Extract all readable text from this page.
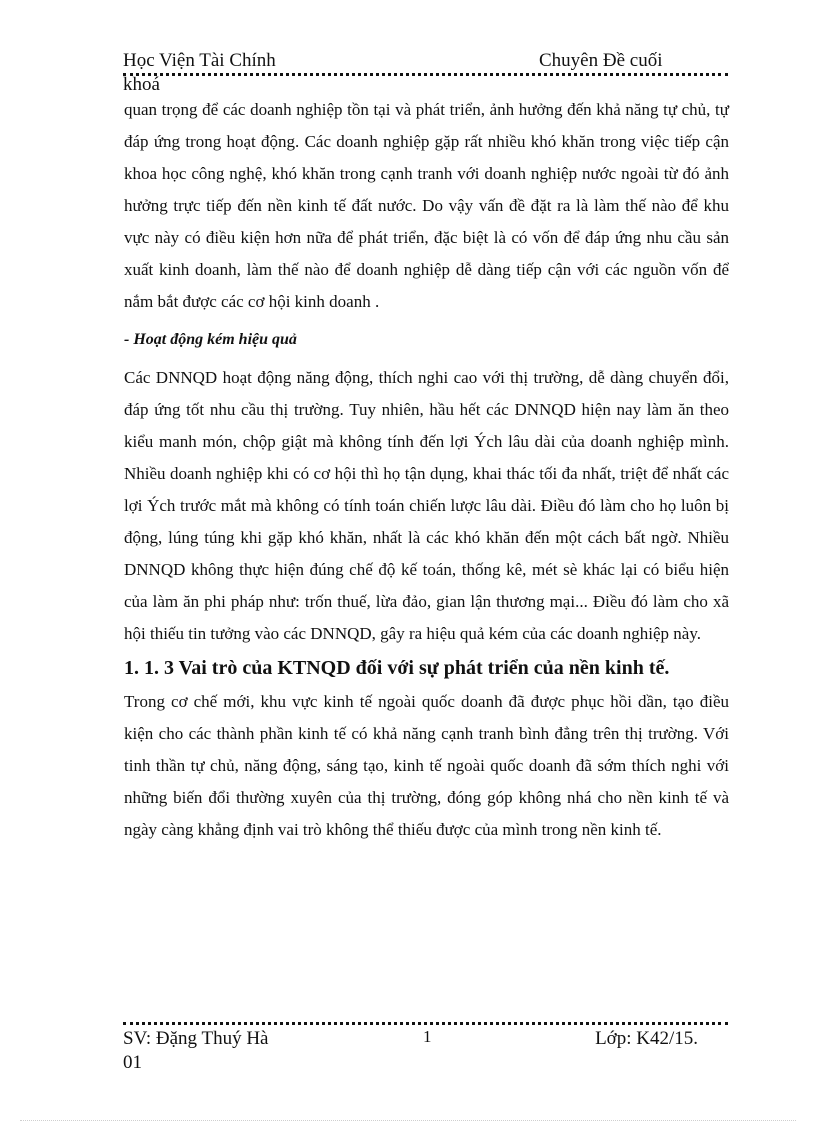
Học Viện Tài Chính	Chuyên Đề cuối
khoá

quan trọng để các doanh nghiệp tồn tại và phát triển, ảnh hưởng đến khả năng tự chủ, tự đáp ứng trong hoạt động. Các doanh nghiệp gặp rất nhiều khó khăn trong việc tiếp cận khoa học công nghệ, khó khăn trong cạnh tranh với doanh nghiệp nước ngoài từ đó ảnh hưởng trực tiếp đến nền kinh tế đất nước. Do vậy vấn đề đặt ra là làm thế nào để khu vực này có điều kiện hơn nữa để phát triển, đặc biệt là có vốn để đáp ứng nhu cầu sản xuất kinh doanh, làm thế nào để doanh nghiệp dễ dàng tiếp cận với các nguồn vốn để nắm bắt được các cơ hội kinh doanh .

- Hoạt động kém hiệu quả

Các DNNQD hoạt động năng động, thích nghi cao với thị trường, dễ dàng chuyển đổi, đáp ứng tốt nhu cầu thị trường. Tuy nhiên, hầu hết các DNNQD hiện nay làm ăn theo kiểu manh món, chộp giật mà không tính đến lợi Ých lâu dài của doanh nghiệp mình. Nhiều doanh nghiệp khi có cơ hội thì họ tận dụng, khai thác tối đa nhất, triệt để nhất các lợi Ých trước mắt mà không có tính toán chiến lược lâu dài. Điều đó làm cho họ luôn bị động, lúng túng khi gặp khó khăn, nhất là các khó khăn đến một cách bất ngờ. Nhiều DNNQD không thực hiện đúng chế độ kế toán, thống kê, mét sè khác lại có biểu hiện của làm ăn phi pháp như: trốn thuế, lừa đảo, gian lận thương mại... Điều đó làm cho xã hội thiếu tin tưởng vào các DNNQD, gây ra hiệu quả kém của các doanh nghiệp này.

1. 1. 3 Vai trò của KTNQD đối với sự phát triển của nền kinh tế.

Trong cơ chế mới, khu vực kinh tế ngoài quốc doanh đã được phục hồi dần, tạo điều kiện cho các thành phần kinh tế có khả năng cạnh tranh bình đẳng trên thị trường. Với tinh thần tự chủ, năng động, sáng tạo, kinh tế ngoài quốc doanh đã sớm thích nghi với những biến đổi thường xuyên của thị trường, đóng góp không nhá cho nền kinh tế và ngày càng khẳng định vai trò không thể thiếu được của mình trong nền kinh tế.

SV: Đặng Thuý Hà	1	Lớp: K42/15.
01
